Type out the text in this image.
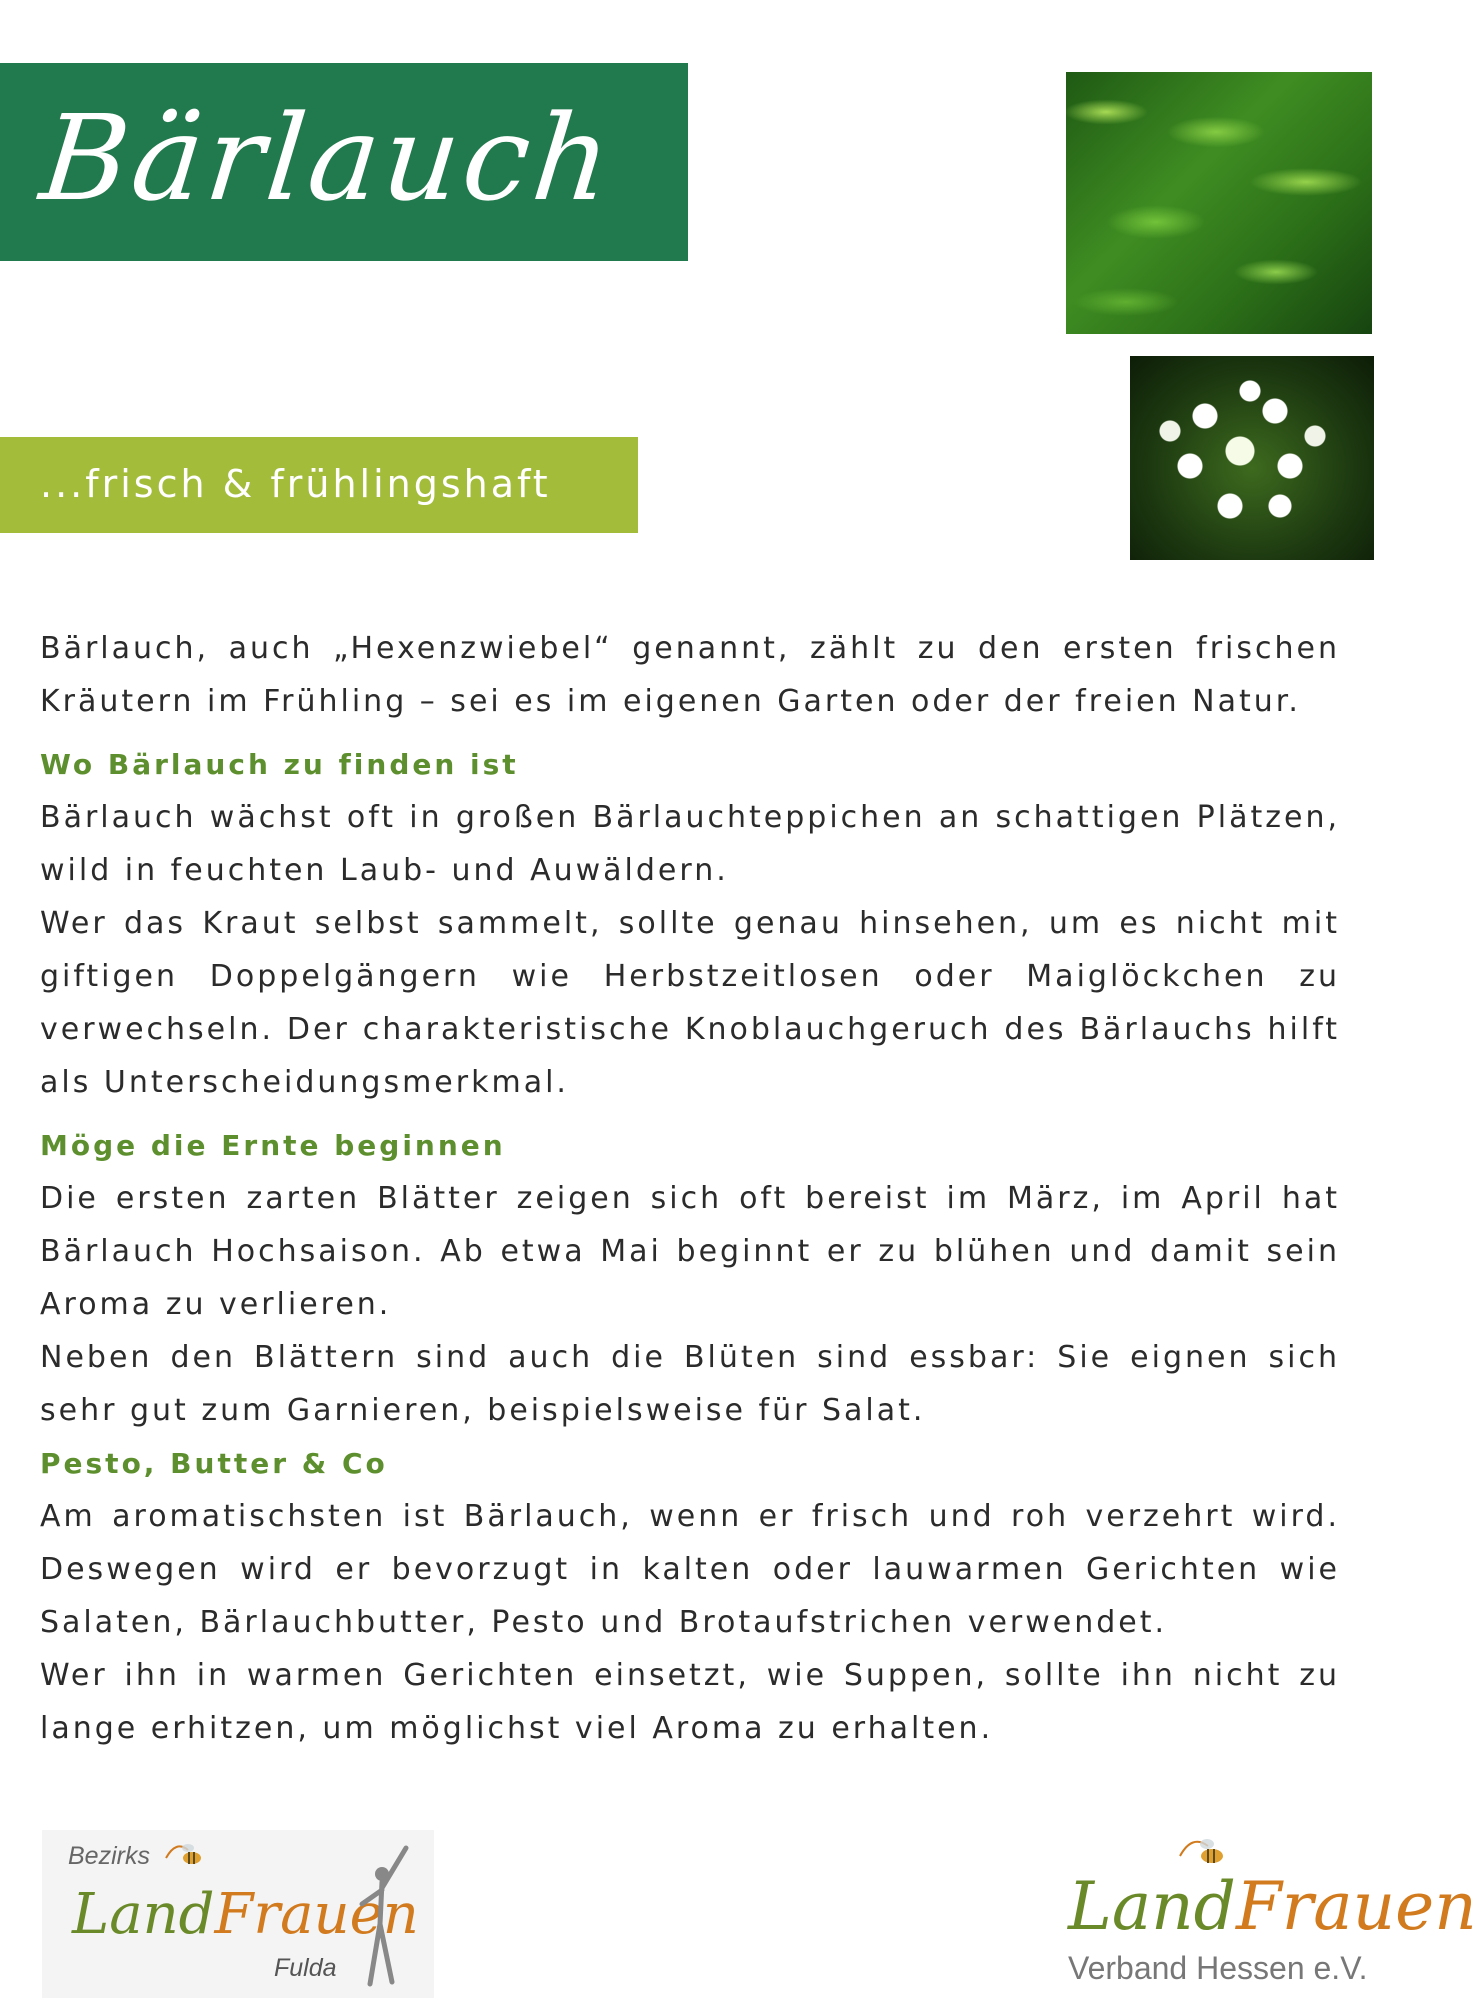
Bärlauch
...frisch & frühlingshaft

Bärlauch, auch „Hexenzwiebel“ genannt, zählt zu den ersten frischen Kräutern im Frühling – sei es im eigenen Garten oder der freien Natur.

Wo Bärlauch zu finden ist

Bärlauch wächst oft in großen Bärlauchteppichen an schattigen Plätzen, wild in feuchten Laub- und Auwäldern.

Wer das Kraut selbst sammelt, sollte genau hinsehen, um es nicht mit giftigen Doppelgängern wie Herbstzeitlosen oder Maiglöckchen zu verwechseln. Der charakteristische Knoblauchgeruch des Bärlauchs hilft als Unterscheidungsmerkmal.

Möge die Ernte beginnen

Die ersten zarten Blätter zeigen sich oft bereist im März, im April hat Bärlauch Hochsaison. Ab etwa Mai beginnt er zu blühen und damit sein Aroma zu verlieren.

Neben den Blättern sind auch die Blüten sind essbar: Sie eignen sich sehr gut zum Garnieren, beispielsweise für Salat.

Pesto, Butter & Co

Am aromatischsten ist Bärlauch, wenn er frisch und roh verzehrt wird. Deswegen wird er bevorzugt in kalten oder lauwarmen Gerichten wie Salaten, Bärlauchbutter, Pesto und Brotaufstrichen verwendet.

Wer ihn in warmen Gerichten einsetzt, wie Suppen, sollte ihn nicht zu lange erhitzen, um möglichst viel Aroma zu erhalten.

Bezirks
LandFrauen
Fulda
LandFrauen
Verband Hessen e.V.
